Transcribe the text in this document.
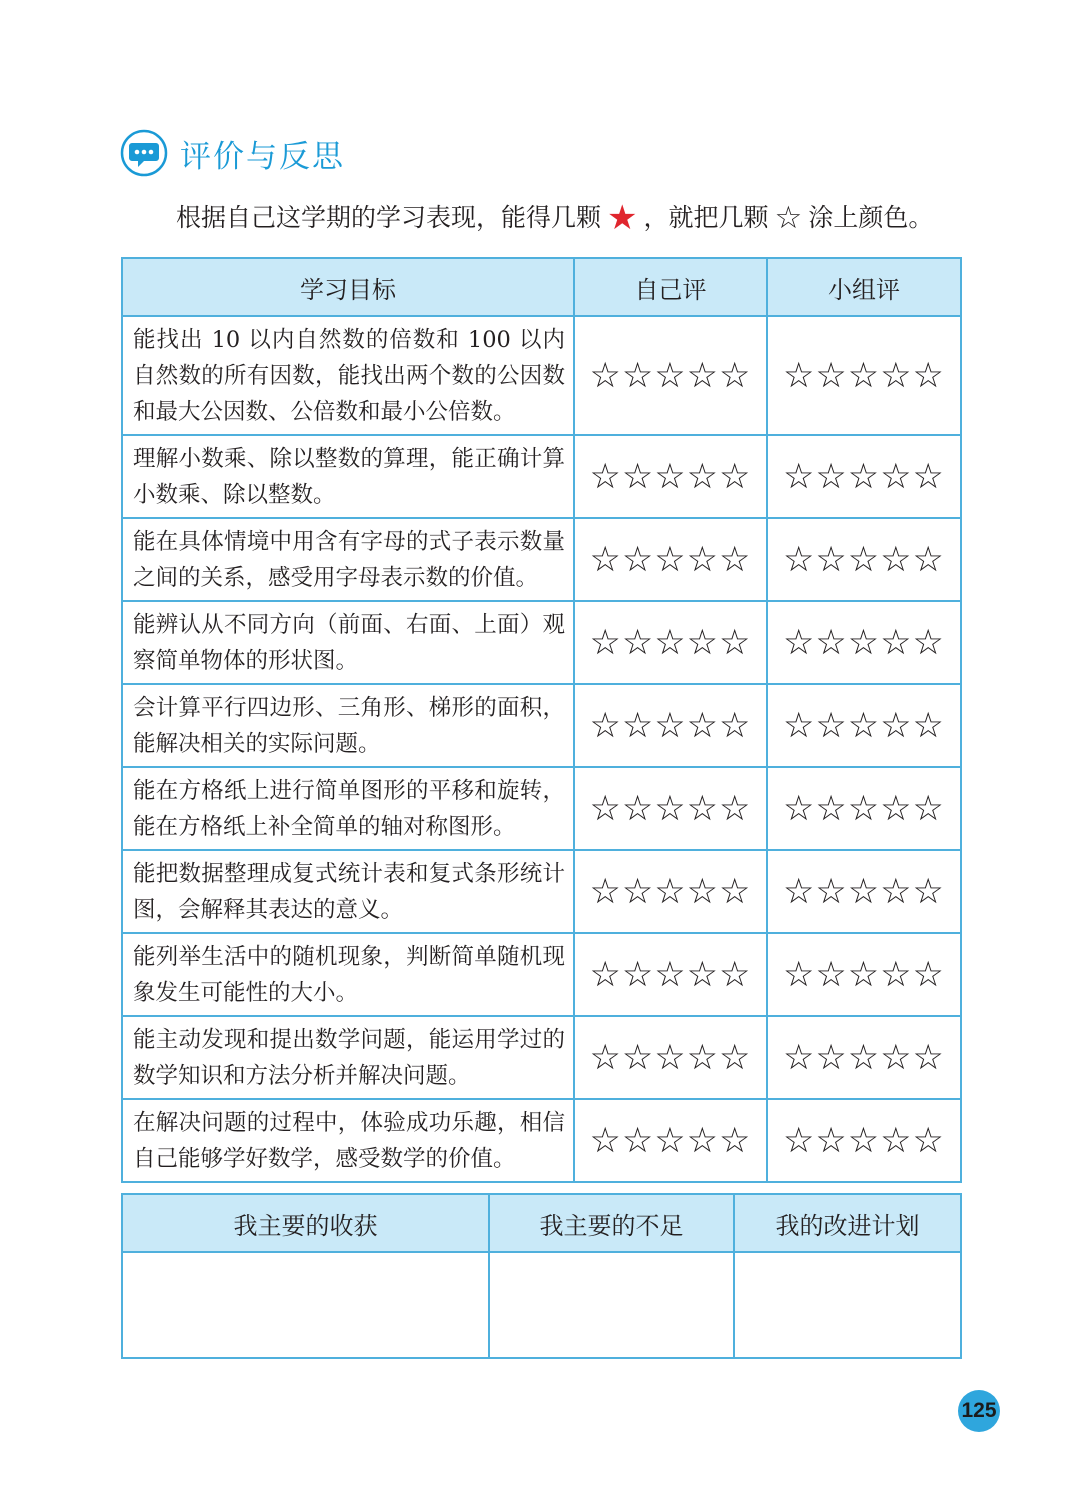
评价与反思
根据自己这学期的学习表现，能得几颗 ★ ，就把几颗 ☆ 涂上颜色。
学习目标	自己评	小组评
能找出 10 以内自然数的倍数和 100 以内自然数的所有因数，能找出两个数的公因数和最大公因数、公倍数和最小公倍数。	☆☆☆☆☆	☆☆☆☆☆
理解小数乘、除以整数的算理，能正确计算小数乘、除以整数。	☆☆☆☆☆	☆☆☆☆☆
能在具体情境中用含有字母的式子表示数量之间的关系，感受用字母表示数的价值。	☆☆☆☆☆	☆☆☆☆☆
能辨认从不同方向（前面、右面、上面）观察简单物体的形状图。	☆☆☆☆☆	☆☆☆☆☆
会计算平行四边形、三角形、梯形的面积，能解决相关的实际问题。	☆☆☆☆☆	☆☆☆☆☆
能在方格纸上进行简单图形的平移和旋转，能在方格纸上补全简单的轴对称图形。	☆☆☆☆☆	☆☆☆☆☆
能把数据整理成复式统计表和复式条形统计图，会解释其表达的意义。	☆☆☆☆☆	☆☆☆☆☆
能列举生活中的随机现象，判断简单随机现象发生可能性的大小。	☆☆☆☆☆	☆☆☆☆☆
能主动发现和提出数学问题，能运用学过的数学知识和方法分析并解决问题。	☆☆☆☆☆	☆☆☆☆☆
在解决问题的过程中，体验成功乐趣，相信自己能够学好数学，感受数学的价值。	☆☆☆☆☆	☆☆☆☆☆
我主要的收获	我主要的不足	我的改进计划

125
